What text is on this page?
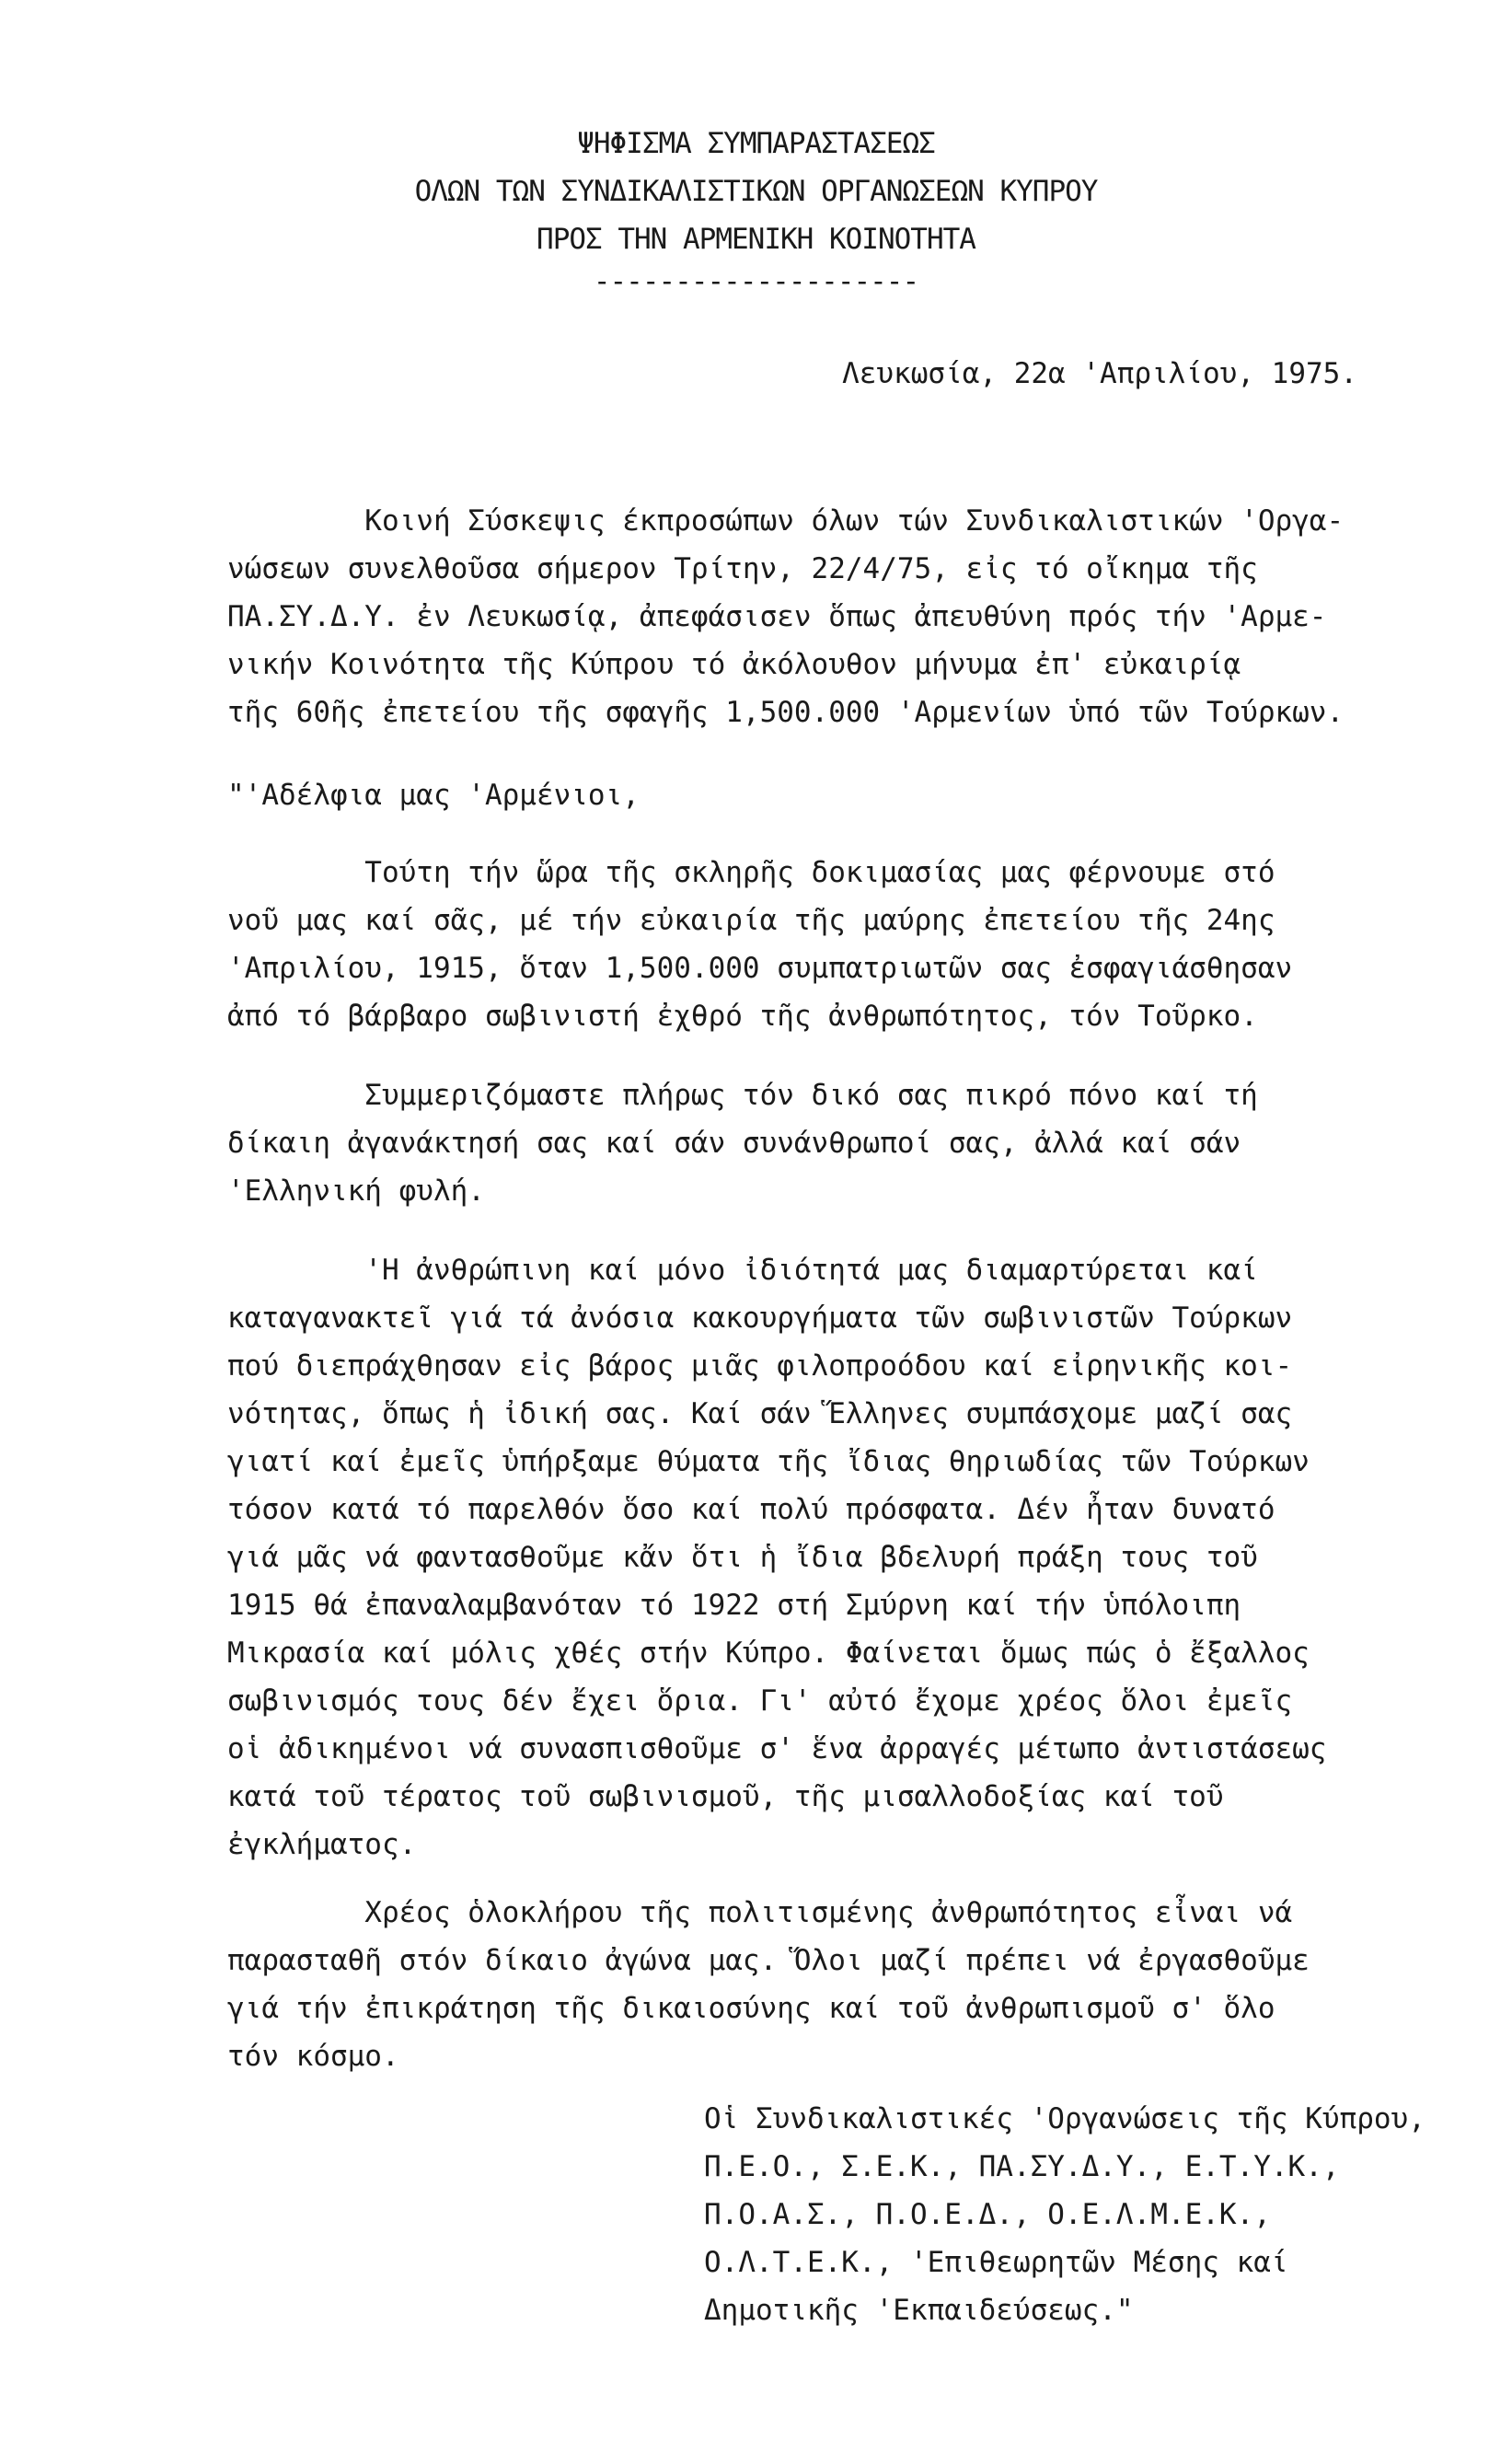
ΨΗΦΙΣΜΑ ΣΥΜΠΑΡΑΣΤΑΣΕΩΣ
ΟΛΩΝ ΤΩΝ ΣΥΝΔΙΚΑΛΙΣΤΙΚΩΝ ΟΡΓΑΝΩΣΕΩΝ ΚΥΠΡΟΥ
ΠΡΟΣ ΤΗΝ ΑΡΜΕΝΙΚΗ ΚΟΙΝΟΤΗΤΑ
--------------------
Λευκωσία, 22α 'Απριλίου, 1975.
Κοινή Σύσκεψις έκπροσώπων όλων τών Συνδικαλιστικών 'Οργα-
νώσεων συνελθοῦσα σήμερον Τρίτην, 22/4/75, εἰς τό οἴκημα τῆς
ΠΑ.ΣΥ.Δ.Υ. ἐν Λευκωσίᾳ, ἀπεφάσισεν ὅπως ἀπευθύνη πρός τήν 'Αρμε-
νικήν Κοινότητα τῆς Κύπρου τό ἀκόλουθον μήνυμα ἐπ' εὐκαιρίᾳ
τῆς 60ῆς ἐπετείου τῆς σφαγῆς 1,500.000 'Αρμενίων ὑπό τῶν Τούρκων.
"'Αδέλφια μας 'Αρμένιοι,
Τούτη τήν ὥρα τῆς σκληρῆς δοκιμασίας μας φέρνουμε στό
νοῦ μας καί σᾶς, μέ τήν εὐκαιρία τῆς μαύρης ἐπετείου τῆς 24ης
'Απριλίου, 1915, ὅταν 1,500.000 συμπατριωτῶν σας ἐσφαγιάσθησαν
ἀπό τό βάρβαρο σωβινιστή ἐχθρό τῆς ἀνθρωπότητος, τόν Τοῦρκο.
Συμμεριζόμαστε πλήρως τόν δικό σας πικρό πόνο καί τή
δίκαιη ἀγανάκτησή σας καί σάν συνάνθρωποί σας, ἀλλά καί σάν
'Ελληνική φυλή.
'Η ἀνθρώπινη καί μόνο ἰδιότητά μας διαμαρτύρεται καί
καταγανακτεῖ γιά τά ἀνόσια κακουργήματα τῶν σωβινιστῶν Τούρκων
πού διεπράχθησαν εἰς βάρος μιᾶς φιλοπροόδου καί εἰρηνικῆς κοι-
νότητας, ὅπως ἡ ἰδική σας. Καί σάν Ἕλληνες συμπάσχομε μαζί σας
γιατί καί ἐμεῖς ὑπήρξαμε θύματα τῆς ἴδιας θηριωδίας τῶν Τούρκων
τόσον κατά τό παρελθόν ὅσο καί πολύ πρόσφατα. Δέν ἦταν δυνατό
γιά μᾶς νά φαντασθοῦμε κἄν ὅτι ἡ ἴδια βδελυρή πράξη τους τοῦ
1915 θά ἐπαναλαμβανόταν τό 1922 στή Σμύρνη καί τήν ὑπόλοιπη
Μικρασία καί μόλις χθές στήν Κύπρο. Φαίνεται ὅμως πώς ὁ ἔξαλλος
σωβινισμός τους δέν ἔχει ὅρια. Γι' αὐτό ἔχομε χρέος ὅλοι ἐμεῖς
οἱ ἀδικημένοι νά συνασπισθοῦμε σ' ἕνα ἀρραγές μέτωπο ἀντιστάσεως
κατά τοῦ τέρατος τοῦ σωβινισμοῦ, τῆς μισαλλοδοξίας καί τοῦ
ἐγκλήματος.
Χρέος ὁλοκλήρου τῆς πολιτισμένης ἀνθρωπότητος εἶναι νά
παρασταθῆ στόν δίκαιο ἀγώνα μας. Ὅλοι μαζί πρέπει νά ἐργασθοῦμε
γιά τήν ἐπικράτηση τῆς δικαιοσύνης καί τοῦ ἀνθρωπισμοῦ σ' ὅλο
τόν κόσμο.
Οἱ Συνδικαλιστικές 'Οργανώσεις τῆς Κύπρου,
Π.Ε.Ο., Σ.Ε.Κ., ΠΑ.ΣΥ.Δ.Υ., Ε.Τ.Υ.Κ.,
Π.Ο.Α.Σ., Π.Ο.Ε.Δ., Ο.Ε.Λ.Μ.Ε.Κ.,
Ο.Λ.Τ.Ε.Κ., 'Επιθεωρητῶν Μέσης καί
Δημοτικῆς 'Εκπαιδεύσεως."
